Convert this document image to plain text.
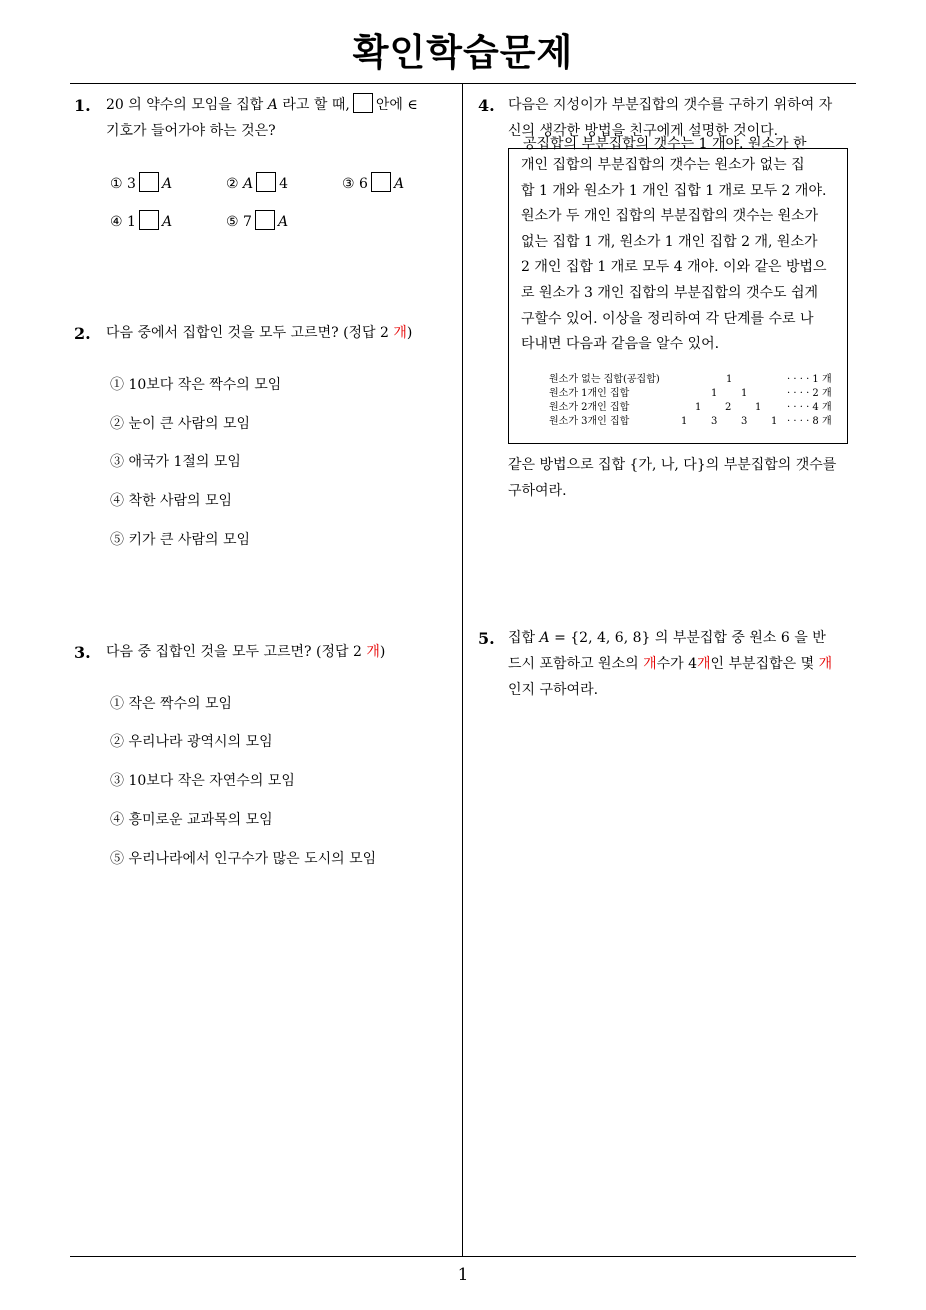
확인학습문제
1
1. 20 의 약수의 모임을 집합 A 라고 할 때, 안에 ∈
기호가 들어가야 하는 것은?
① 3 A	② A 4	③ 6 A
④ 1 A	⑤ 7 A
2. 다음 중에서 집합인 것을 모두 고르면? (정답 2 개)
① 10보다 작은 짝수의 모임
② 눈이 큰 사람의 모임
③ 애국가 1절의 모임
④ 착한 사람의 모임
⑤ 키가 큰 사람의 모임
3. 다음 중 집합인 것을 모두 고르면? (정답 2 개)
① 작은 짝수의 모임
② 우리나라 광역시의 모임
③ 10보다 작은 자연수의 모임
④ 흥미로운 교과목의 모임
⑤ 우리나라에서 인구수가 많은 도시의 모임
4. 다음은 지성이가 부분집합의 갯수를 구하기 위하여 자
신의 생각한 방법을 친구에게 설명한 것이다.
공집합의 부분집합의 갯수는 1 개야. 원소가 한
개인 집합의 부분집합의 갯수는 원소가 없는 집
합 1 개와 원소가 1 개인 집합 1 개로 모두 2 개야.
원소가 두 개인 집합의 부분집합의 갯수는 원소가
없는 집합 1 개, 원소가 1 개인 집합 2 개, 원소가
2 개인 집합 1 개로 모두 4 개야. 이와 같은 방법으
로 원소가 3 개인 집합의 부분집합의 갯수도 쉽게
구할수 있어. 이상을 정리하여 각 단계를 수로 나
타내면 다음과 같음을 알수 있어.
원소가 없는 집합(공집합)	1	· · · · 1 개
원소가 1개인 집합	1 1	· · · · 2 개
원소가 2개인 집합	1 2 1	· · · · 4 개
원소가 3개인 집합	1 3 3 1 · · · · 8 개
같은 방법으로 집합 {가, 나, 다}의 부분집합의 갯수를
구하여라.
5. 집합 A = {2, 4, 6, 8} 의 부분집합 중 원소 6 을 반
드시 포함하고 원소의 개수가 4개인 부분집합은 몇 개
인지 구하여라.
